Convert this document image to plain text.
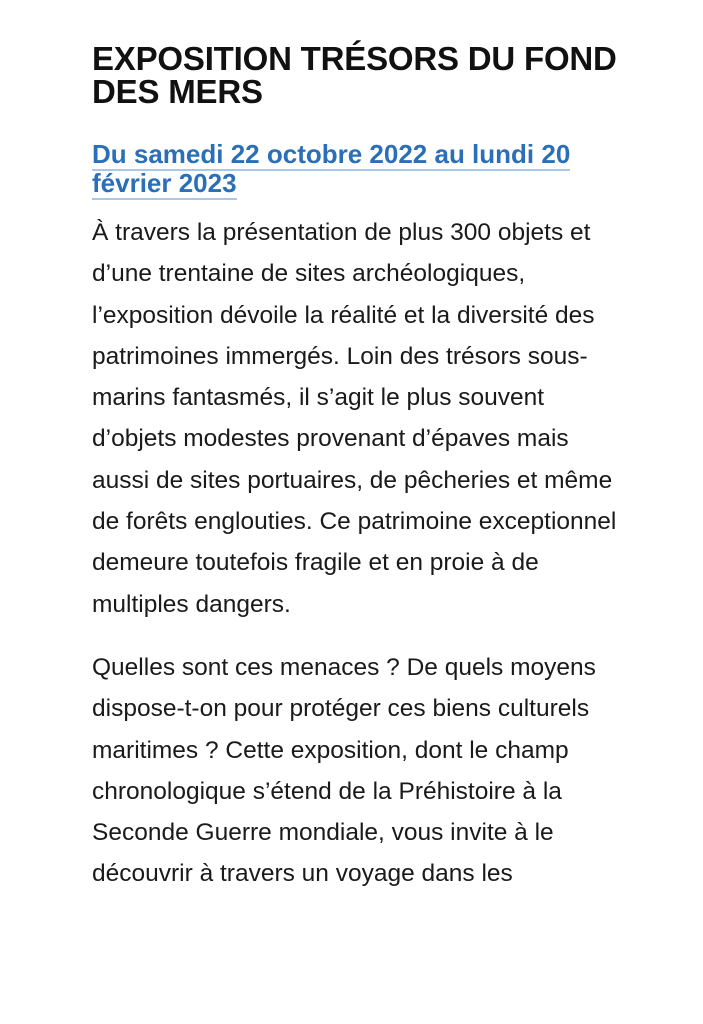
EXPOSITION TRÉSORS DU FOND DES MERS
Du samedi 22 octobre 2022 au lundi 20 février 2023

À travers la présentation de plus 300 objets et d’une trentaine de sites archéologiques, l’exposition dévoile la réalité et la diversité des patrimoines immergés. Loin des trésors sous-marins fantasmés, il s’agit le plus souvent d’objets modestes provenant d’épaves mais aussi de sites portuaires, de pêcheries et même de forêts englouties. Ce patrimoine exceptionnel demeure toutefois fragile et en proie à de multiples dangers.

Quelles sont ces menaces ? De quels moyens dispose-t-on pour protéger ces biens culturels maritimes ? Cette exposition, dont le champ chronologique s’étend de la Préhistoire à la Seconde Guerre mondiale, vous invite à le découvrir à travers un voyage dans les
